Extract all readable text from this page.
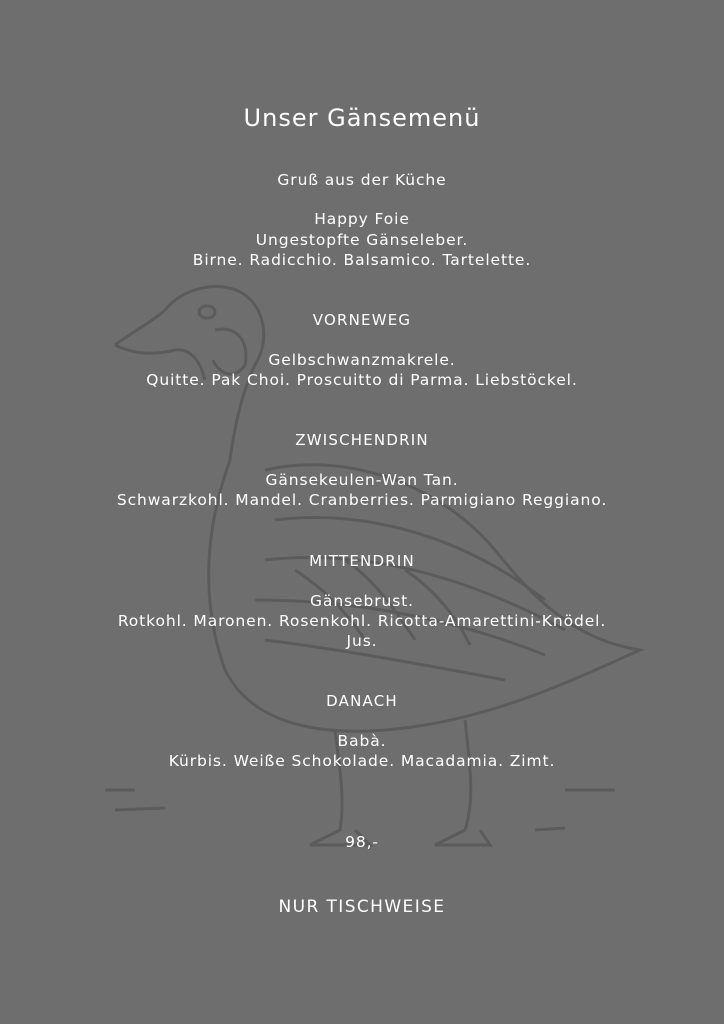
Unser Gänsemenü
Gruß aus der Küche
Happy Foie
Ungestopfte Gänseleber.
Birne. Radicchio. Balsamico. Tartelette.
VORNEWEG
Gelbschwanzmakrele.
Quitte. Pak Choi. Proscuitto di Parma. Liebstöckel.
ZWISCHENDRIN
Gänsekeulen-Wan Tan.
Schwarzkohl. Mandel. Cranberries. Parmigiano Reggiano.
MITTENDRIN
Gänsebrust.
Rotkohl. Maronen. Rosenkohl. Ricotta-Amarettini-Knödel.
Jus.
DANACH
Babà.
Kürbis. Weiße Schokolade. Macadamia. Zimt.
98,-
NUR TISCHWEISE
